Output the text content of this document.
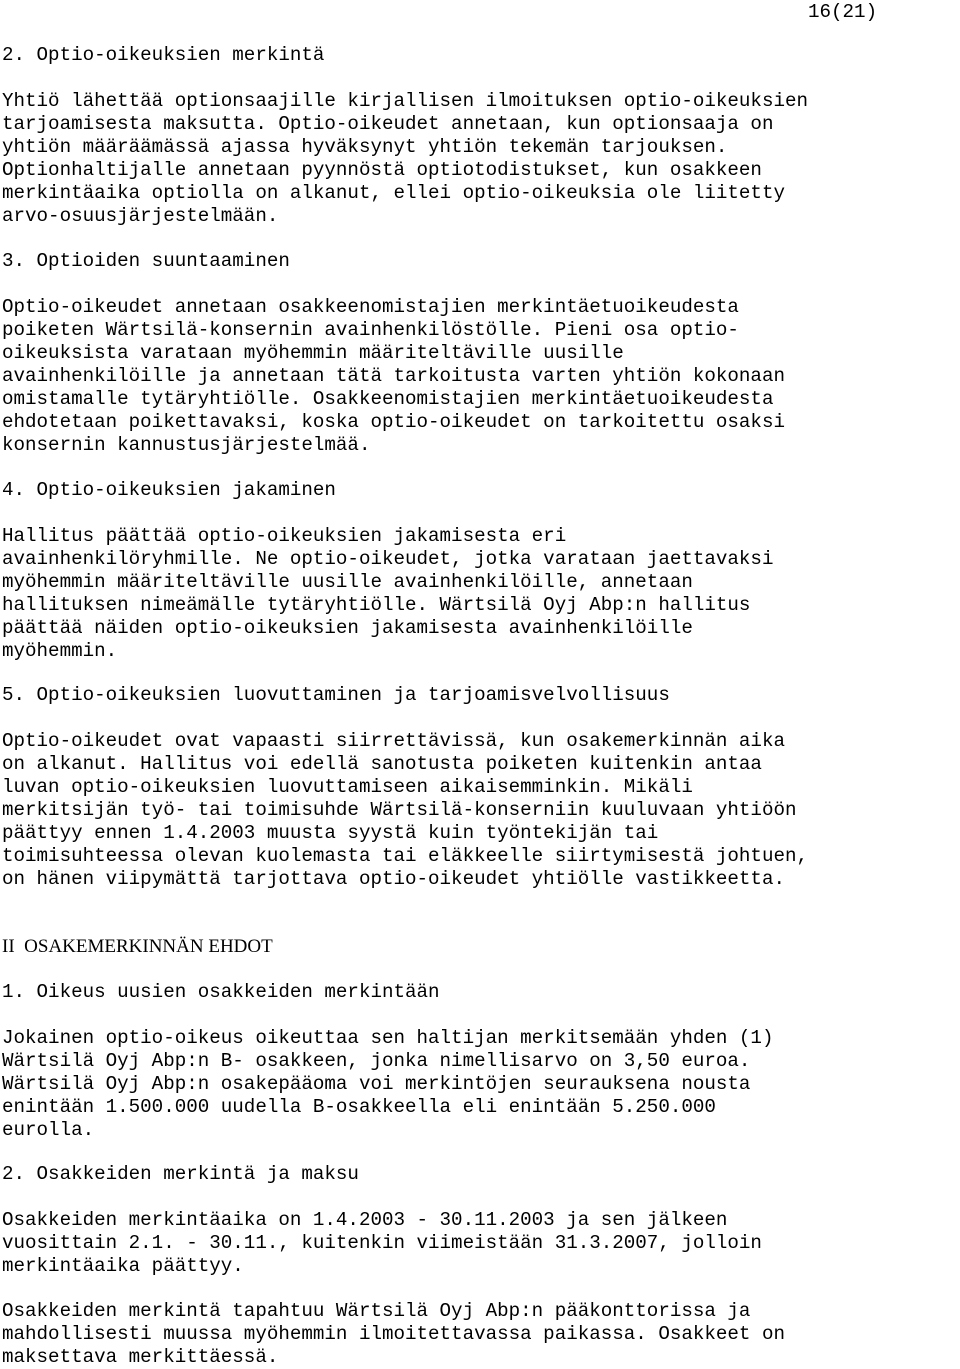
16(21)
2. Optio-oikeuksien merkintä
Yhtiö lähettää optionsaajille kirjallisen ilmoituksen optio-oikeuksien
tarjoamisesta maksutta. Optio-oikeudet annetaan, kun optionsaaja on
yhtiön määräämässä ajassa hyväksynyt yhtiön tekemän tarjouksen.
Optionhaltijalle annetaan pyynnöstä optiotodistukset, kun osakkeen
merkintäaika optiolla on alkanut, ellei optio-oikeuksia ole liitetty
arvo-osuusjärjestelmään.
3. Optioiden suuntaaminen
Optio-oikeudet annetaan osakkeenomistajien merkintäetuoikeudesta
poiketen Wärtsilä-konsernin avainhenkilöstölle. Pieni osa optio-
oikeuksista varataan myöhemmin määriteltäville uusille
avainhenkilöille ja annetaan tätä tarkoitusta varten yhtiön kokonaan
omistamalle tytäryhtiölle. Osakkeenomistajien merkintäetuoikeudesta
ehdotetaan poikettavaksi, koska optio-oikeudet on tarkoitettu osaksi
konsernin kannustusjärjestelmää.
4. Optio-oikeuksien jakaminen
Hallitus päättää optio-oikeuksien jakamisesta eri
avainhenkilöryhmille. Ne optio-oikeudet, jotka varataan jaettavaksi
myöhemmin määriteltäville uusille avainhenkilöille, annetaan
hallituksen nimeämälle tytäryhtiölle. Wärtsilä Oyj Abp:n hallitus
päättää näiden optio-oikeuksien jakamisesta avainhenkilöille
myöhemmin.
5. Optio-oikeuksien luovuttaminen ja tarjoamisvelvollisuus
Optio-oikeudet ovat vapaasti siirrettävissä, kun osakemerkinnän aika
on alkanut. Hallitus voi edellä sanotusta poiketen kuitenkin antaa
luvan optio-oikeuksien luovuttamiseen aikaisemminkin. Mikäli
merkitsijän työ- tai toimisuhde Wärtsilä-konserniin kuuluvaan yhtiöön
päättyy ennen 1.4.2003 muusta syystä kuin työntekijän tai
toimisuhteessa olevan kuolemasta tai eläkkeelle siirtymisestä johtuen,
on hänen viipymättä tarjottava optio-oikeudet yhtiölle vastikkeetta.
II  OSAKEMERKINNÄN EHDOT
1. Oikeus uusien osakkeiden merkintään
Jokainen optio-oikeus oikeuttaa sen haltijan merkitsemään yhden (1)
Wärtsilä Oyj Abp:n B- osakkeen, jonka nimellisarvo on 3,50 euroa.
Wärtsilä Oyj Abp:n osakepääoma voi merkintöjen seurauksena nousta
enintään 1.500.000 uudella B-osakkeella eli enintään 5.250.000
eurolla.
2. Osakkeiden merkintä ja maksu
Osakkeiden merkintäaika on 1.4.2003 - 30.11.2003 ja sen jälkeen
vuosittain 2.1. - 30.11., kuitenkin viimeistään 31.3.2007, jolloin
merkintäaika päättyy.
Osakkeiden merkintä tapahtuu Wärtsilä Oyj Abp:n pääkonttorissa ja
mahdollisesti muussa myöhemmin ilmoitettavassa paikassa. Osakkeet on
maksettava merkittäessä.
